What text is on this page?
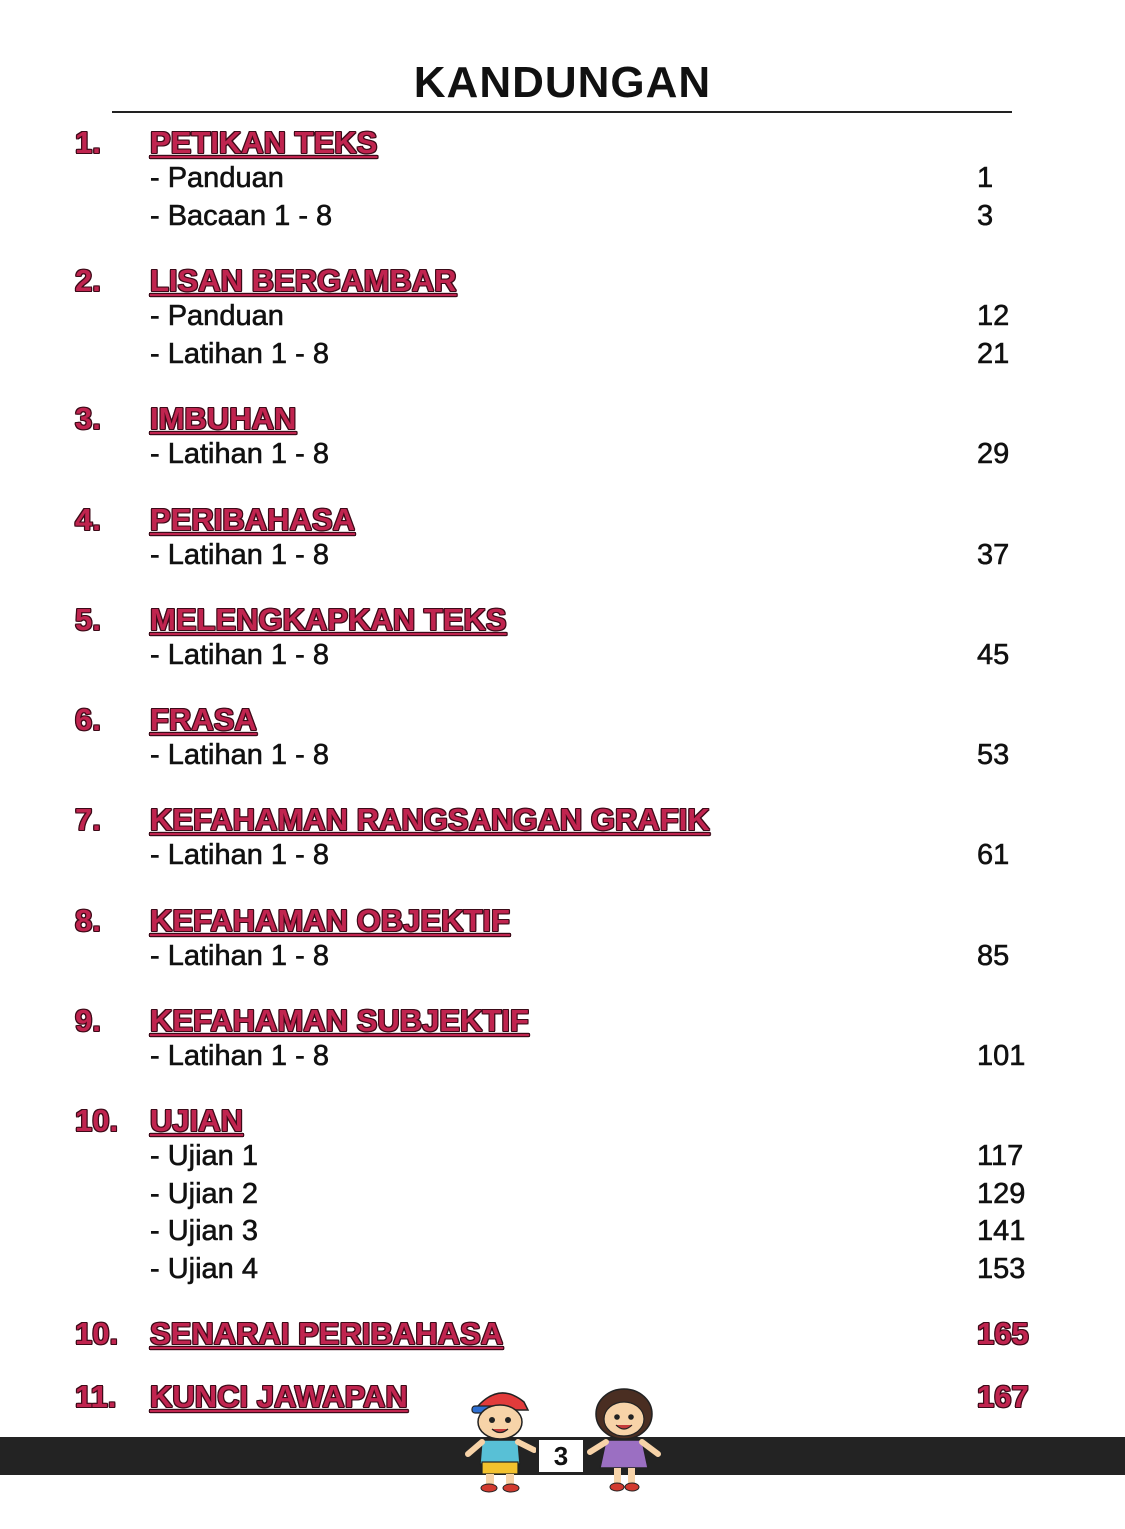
KANDUNGAN
1. PETIKAN TEKS
- Panduan	1
- Bacaan 1 - 8	3
2. LISAN BERGAMBAR
- Panduan	12
- Latihan 1 - 8	21
3. IMBUHAN
- Latihan 1 - 8	29
4. PERIBAHASA
- Latihan 1 - 8	37
5. MELENGKAPKAN TEKS
- Latihan 1 - 8	45
6. FRASA
- Latihan 1 - 8	53
7. KEFAHAMAN RANGSANGAN GRAFIK
- Latihan 1 - 8	61
8. KEFAHAMAN OBJEKTIF
- Latihan 1 - 8	85
9. KEFAHAMAN SUBJEKTIF
- Latihan 1 - 8	101
10. UJIAN
- Ujian 1	117
- Ujian 2	129
- Ujian 3	141
- Ujian 4	153
10. SENARAI PERIBAHASA	165
11. KUNCI JAWAPAN	167
3
